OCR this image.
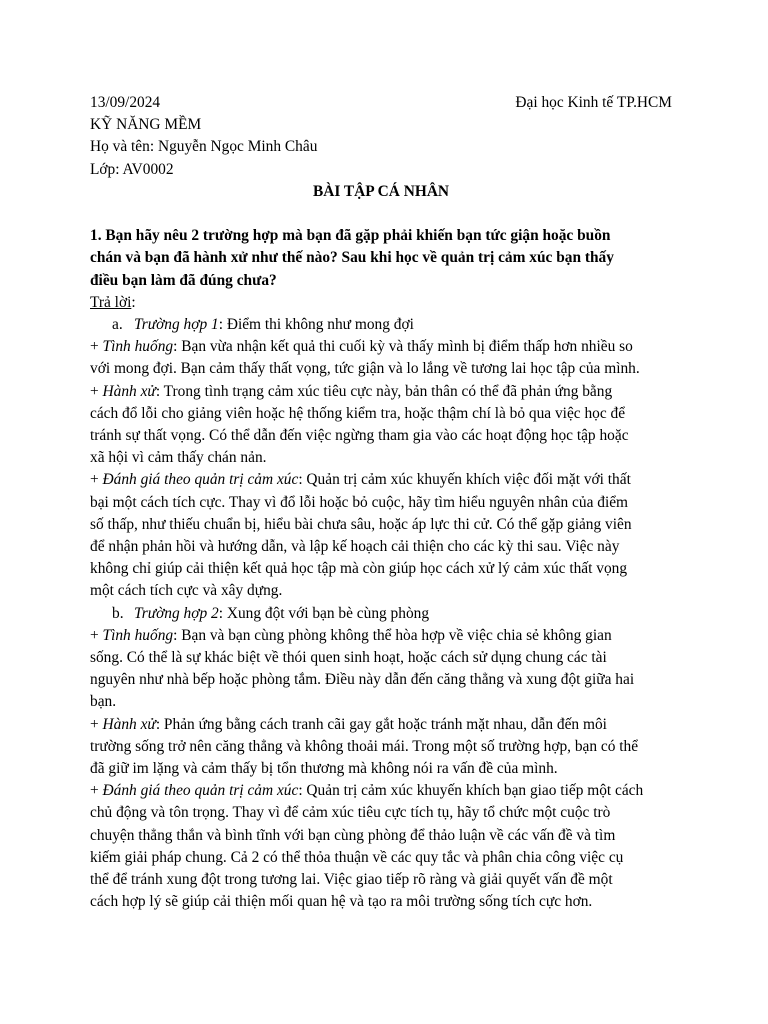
13/09/2024	Đại học Kinh tế TP.HCM
KỸ NĂNG MỀM
Họ và tên: Nguyễn Ngọc Minh Châu
Lớp: AV0002
BÀI TẬP CÁ NHÂN
1. Bạn hãy nêu 2 trường hợp mà bạn đã gặp phải khiến bạn tức giận hoặc buồn
chán và bạn đã hành xử như thế nào? Sau khi học về quản trị cảm xúc bạn thấy
điều bạn làm đã đúng chưa?
Trả lời:
a. Trường hợp 1: Điểm thi không như mong đợi
+ Tình huống: Bạn vừa nhận kết quả thi cuối kỳ và thấy mình bị điểm thấp hơn nhiều so
với mong đợi. Bạn cảm thấy thất vọng, tức giận và lo lắng về tương lai học tập của mình.
+ Hành xử: Trong tình trạng cảm xúc tiêu cực này, bản thân có thể đã phản ứng bằng
cách đổ lỗi cho giảng viên hoặc hệ thống kiểm tra, hoặc thậm chí là bỏ qua việc học để
tránh sự thất vọng. Có thể dẫn đến việc ngừng tham gia vào các hoạt động học tập hoặc
xã hội vì cảm thấy chán nản.
+ Đánh giá theo quản trị cảm xúc: Quản trị cảm xúc khuyến khích việc đối mặt với thất
bại một cách tích cực. Thay vì đổ lỗi hoặc bỏ cuộc, hãy tìm hiểu nguyên nhân của điểm
số thấp, như thiếu chuẩn bị, hiểu bài chưa sâu, hoặc áp lực thi cử. Có thể gặp giảng viên
để nhận phản hồi và hướng dẫn, và lập kế hoạch cải thiện cho các kỳ thi sau. Việc này
không chỉ giúp cải thiện kết quả học tập mà còn giúp học cách xử lý cảm xúc thất vọng
một cách tích cực và xây dựng.
b. Trường hợp 2: Xung đột với bạn bè cùng phòng
+ Tình huống: Bạn và bạn cùng phòng không thể hòa hợp về việc chia sẻ không gian
sống. Có thể là sự khác biệt về thói quen sinh hoạt, hoặc cách sử dụng chung các tài
nguyên như nhà bếp hoặc phòng tắm. Điều này dẫn đến căng thẳng và xung đột giữa hai
bạn.
+ Hành xử: Phản ứng bằng cách tranh cãi gay gắt hoặc tránh mặt nhau, dẫn đến môi
trường sống trở nên căng thẳng và không thoải mái. Trong một số trường hợp, bạn có thể
đã giữ im lặng và cảm thấy bị tổn thương mà không nói ra vấn đề của mình.
+ Đánh giá theo quản trị cảm xúc: Quản trị cảm xúc khuyến khích bạn giao tiếp một cách
chủ động và tôn trọng. Thay vì để cảm xúc tiêu cực tích tụ, hãy tổ chức một cuộc trò
chuyện thẳng thắn và bình tĩnh với bạn cùng phòng để thảo luận về các vấn đề và tìm
kiếm giải pháp chung. Cả 2 có thể thỏa thuận về các quy tắc và phân chia công việc cụ
thể để tránh xung đột trong tương lai. Việc giao tiếp rõ ràng và giải quyết vấn đề một
cách hợp lý sẽ giúp cải thiện mối quan hệ và tạo ra môi trường sống tích cực hơn.
